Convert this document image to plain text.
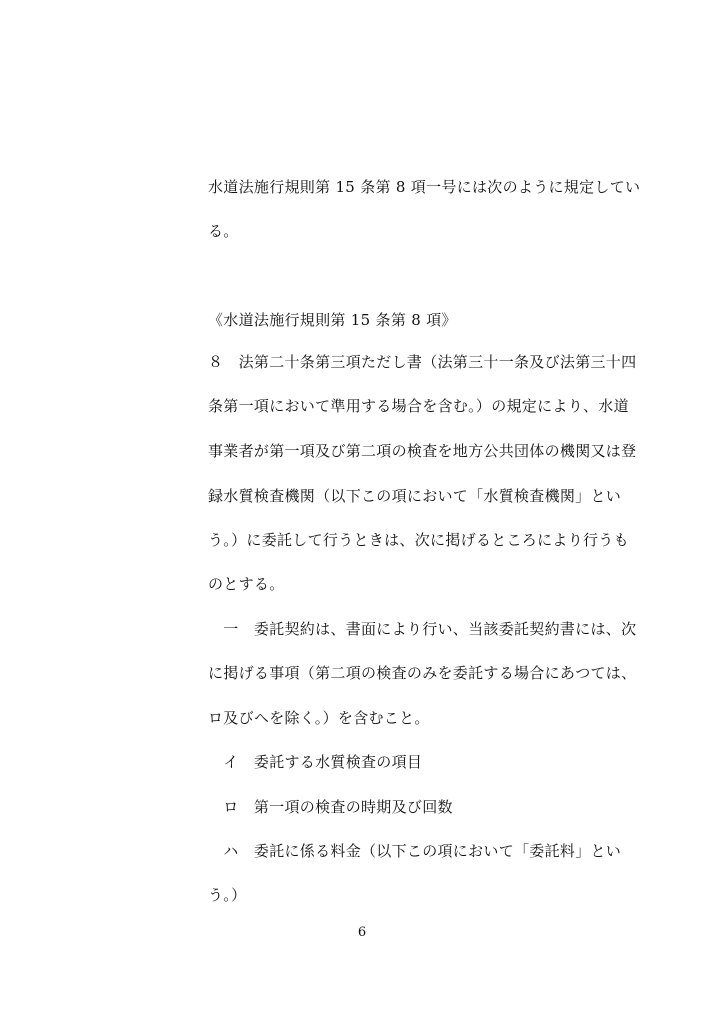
水道法施行規則第 15 条第 8 項一号には次のように規定してい
る。
《水道法施行規則第 15 条第 8 項》
８　法第二十条第三項ただし書（法第三十一条及び法第三十四
条第一項において準用する場合を含む。）の規定により、水道
事業者が第一項及び第二項の検査を地方公共団体の機関又は登
録水質検査機関（以下この項において「水質検査機関」とい
う。）に委託して行うときは、次に掲げるところにより行うも
のとする。
　一　委託契約は、書面により行い、当該委託契約書には、次
に掲げる事項（第二項の検査のみを委託する場合にあつては、
ロ及びヘを除く。）を含むこと。
　イ　委託する水質検査の項目
　ロ　第一項の検査の時期及び回数
　ハ　委託に係る料金（以下この項において「委託料」とい
う。）
6
